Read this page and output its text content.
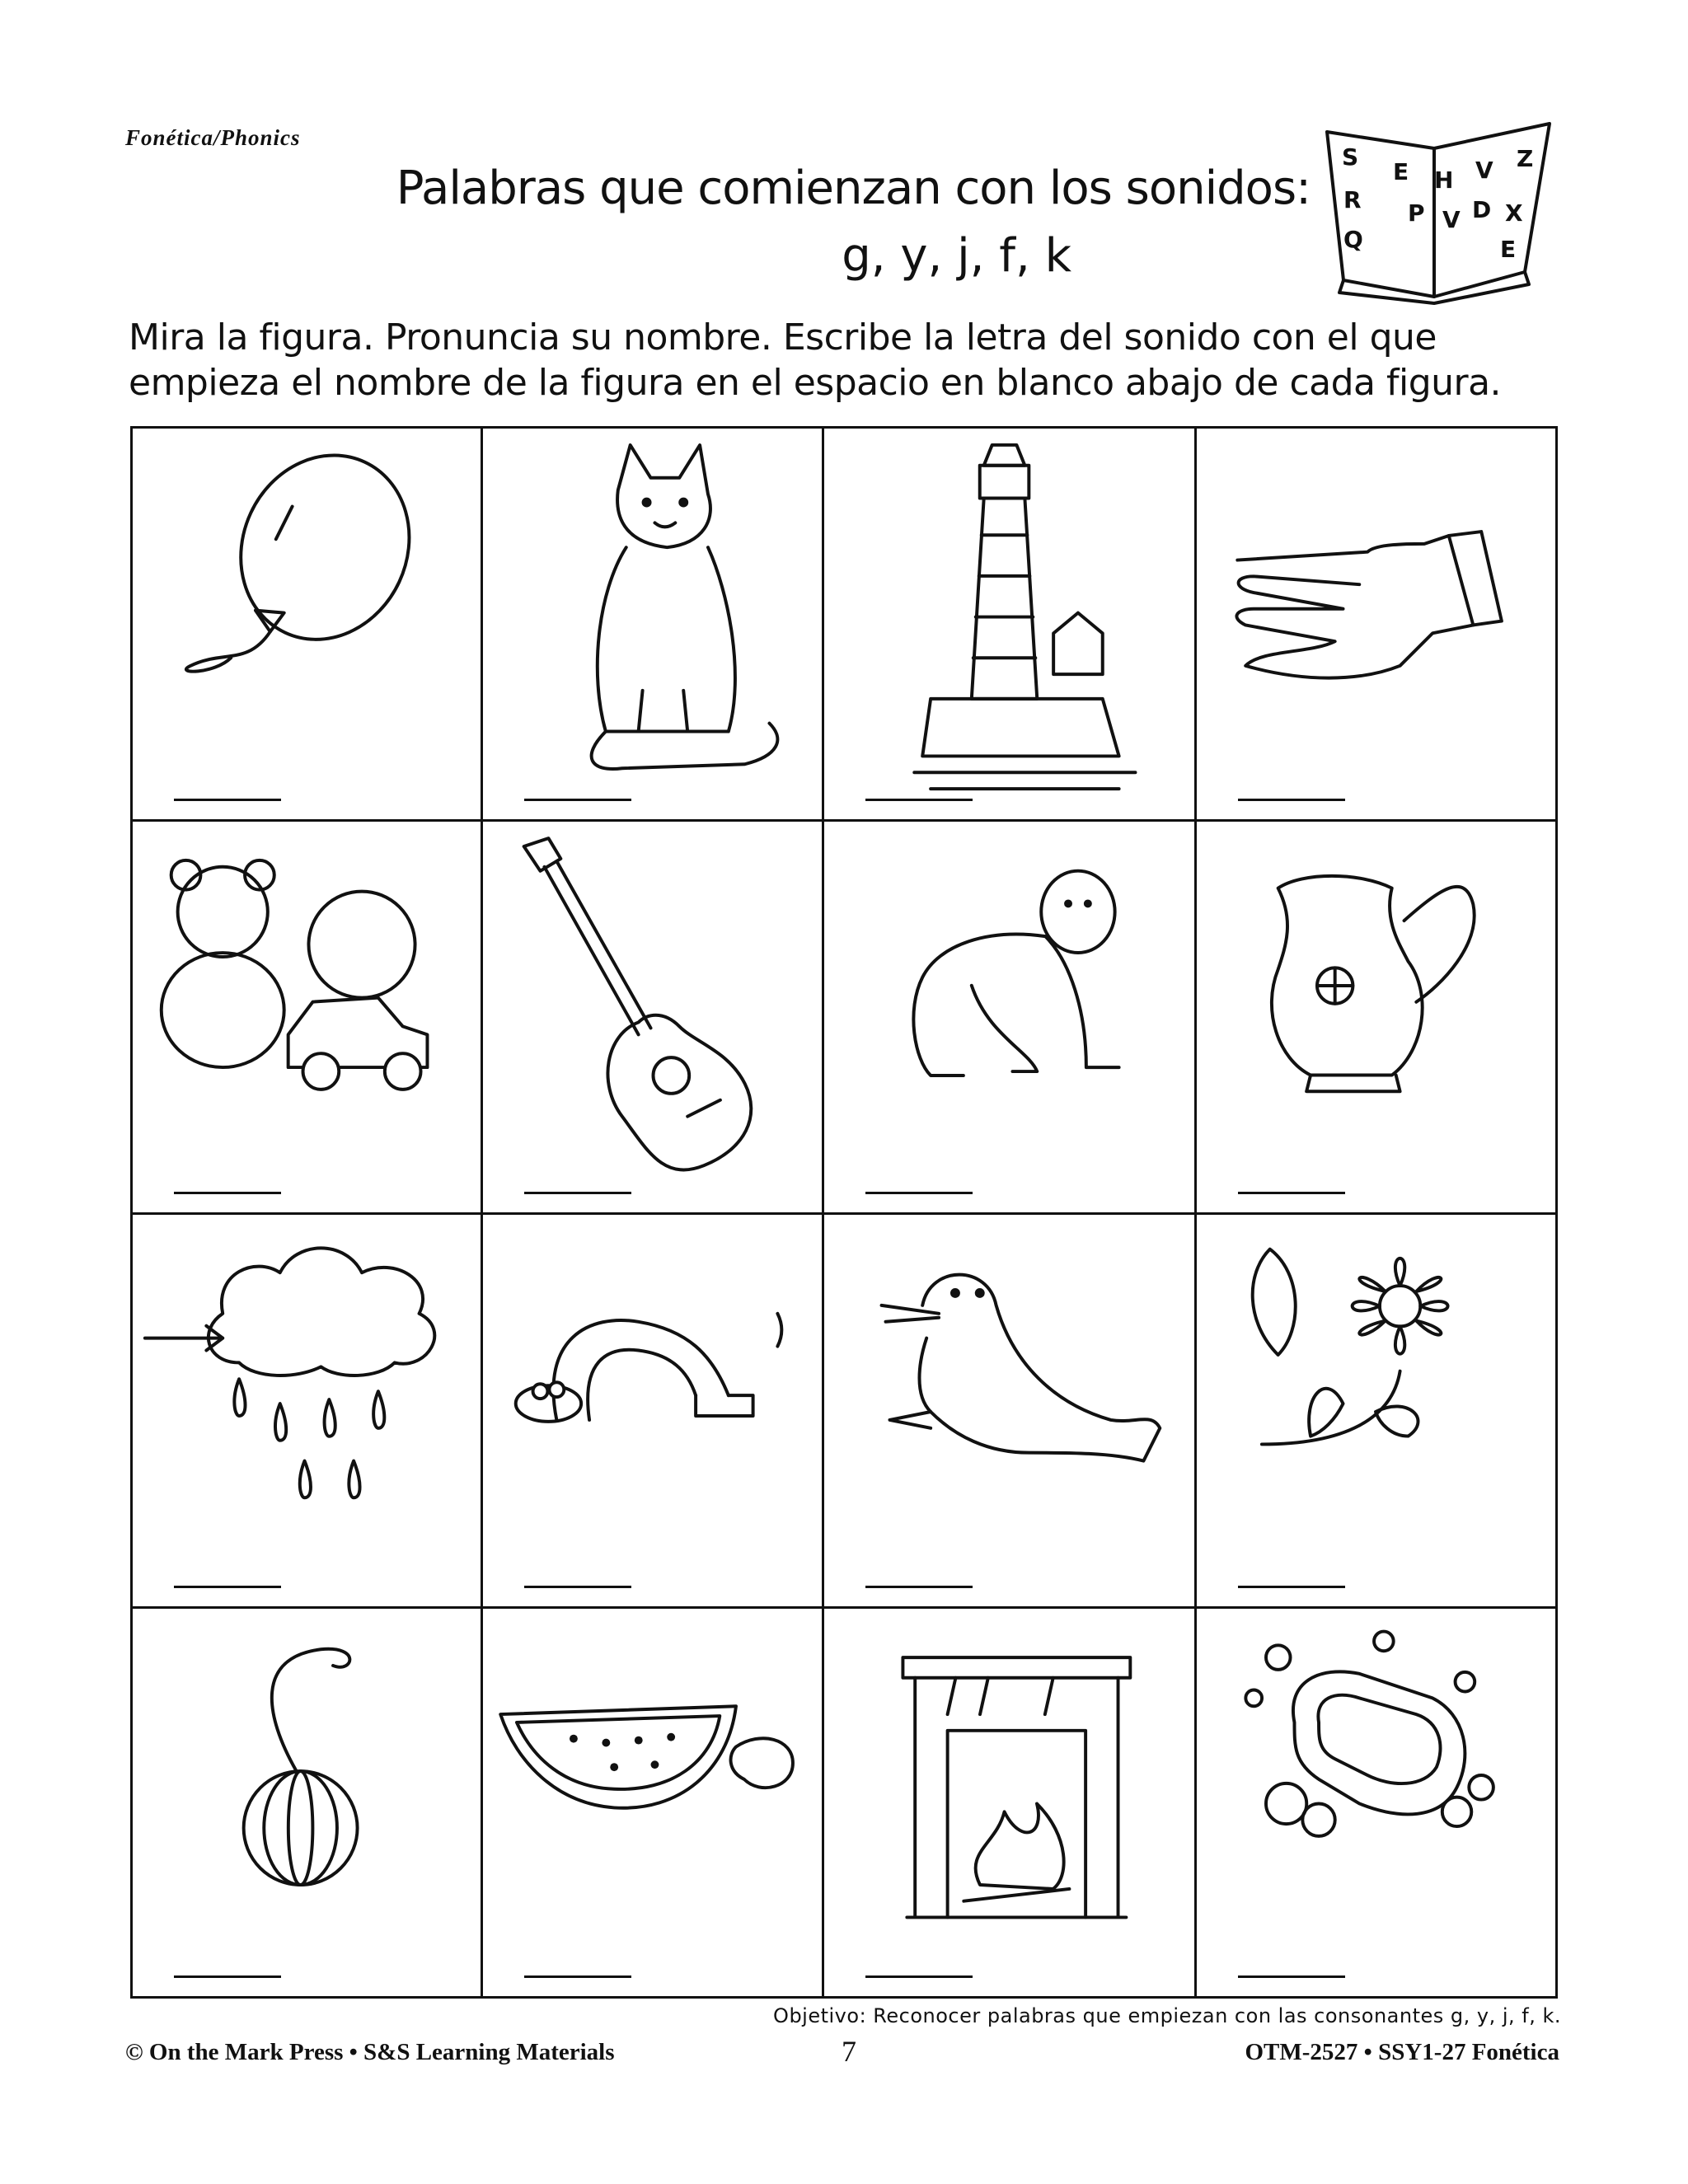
Fonética/Phonics
Palabras que comienzan con los sonidos:
g, y, j, f, k
S
E H V Z
R P V D X
Q	E
Mira la figura. Pronuncia su nombre. Escribe la letra del sonido con el que empieza el nombre de la figura en el espacio en blanco abajo de cada figura.
Objetivo: Reconocer palabras que empiezan con las consonantes g, y, j, f, k.
© On the Mark Press • S&S Learning Materials	7	OTM-2527 • SSY1-27 Fonética
